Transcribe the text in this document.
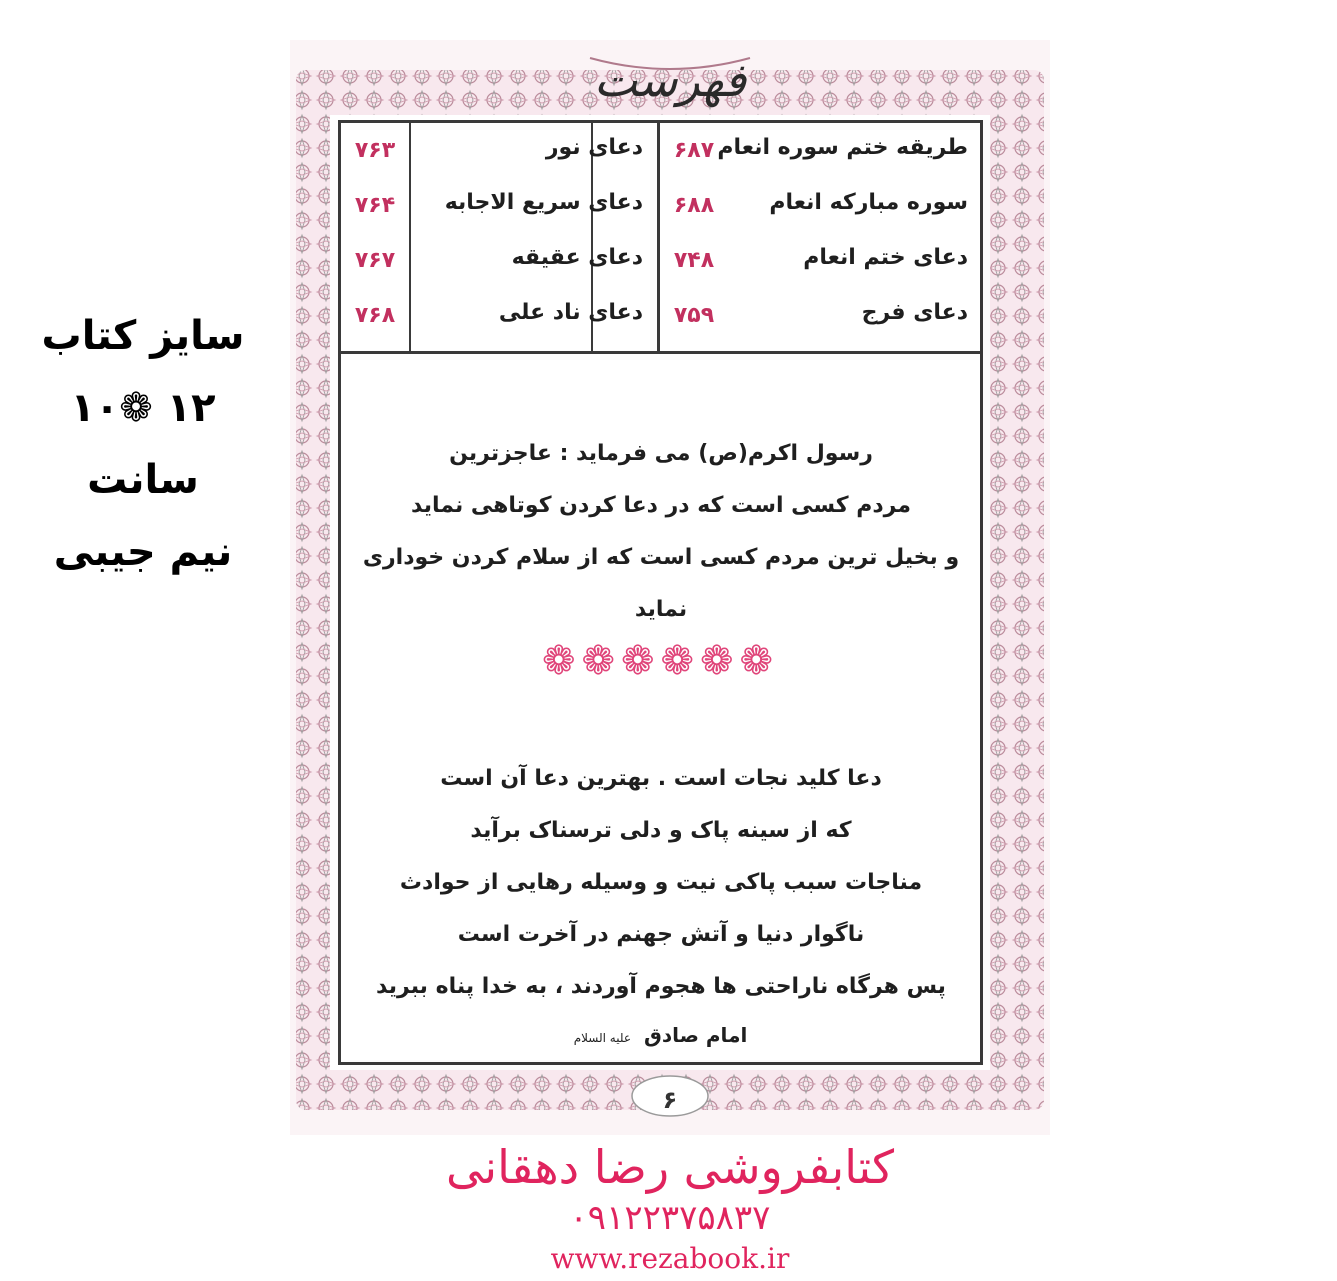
سایز کتاب
۱۲ ❁۱۰ سانت
نیم جیبی
فهرست
طریقه ختم سوره انعام
۶۸۷
سوره مبارکه انعام
۶۸۸
دعای ختم انعام
۷۴۸
دعای فرج
۷۵۹
دعای نور
۷۶۳
دعای سریع الاجابه
۷۶۴
دعای عقیقه
۷۶۷
دعای ناد علی
۷۶۸
رسول اکرم(ص) می فرماید : عاجزترین
مردم کسی است که در دعا کردن کوتاهی نماید
و بخیل ترین مردم کسی است که از سلام کردن خوداری نماید
❁❁❁❁❁❁
دعا کلید نجات است . بهترین دعا آن است
که از سینه پاک و دلی ترسناک برآید
مناجات سبب پاکی نیت و وسیله رهایی از حوادث
ناگوار دنیا و آتش جهنم در آخرت است
پس هرگاه ناراحتی ها هجوم آوردند ، به خدا پناه ببرید
امام صادق علیه السلام
۶
کتابفروشی رضا دهقانی
۰۹۱۲۲۳۷۵۸۳۷
www.rezabook.ir
